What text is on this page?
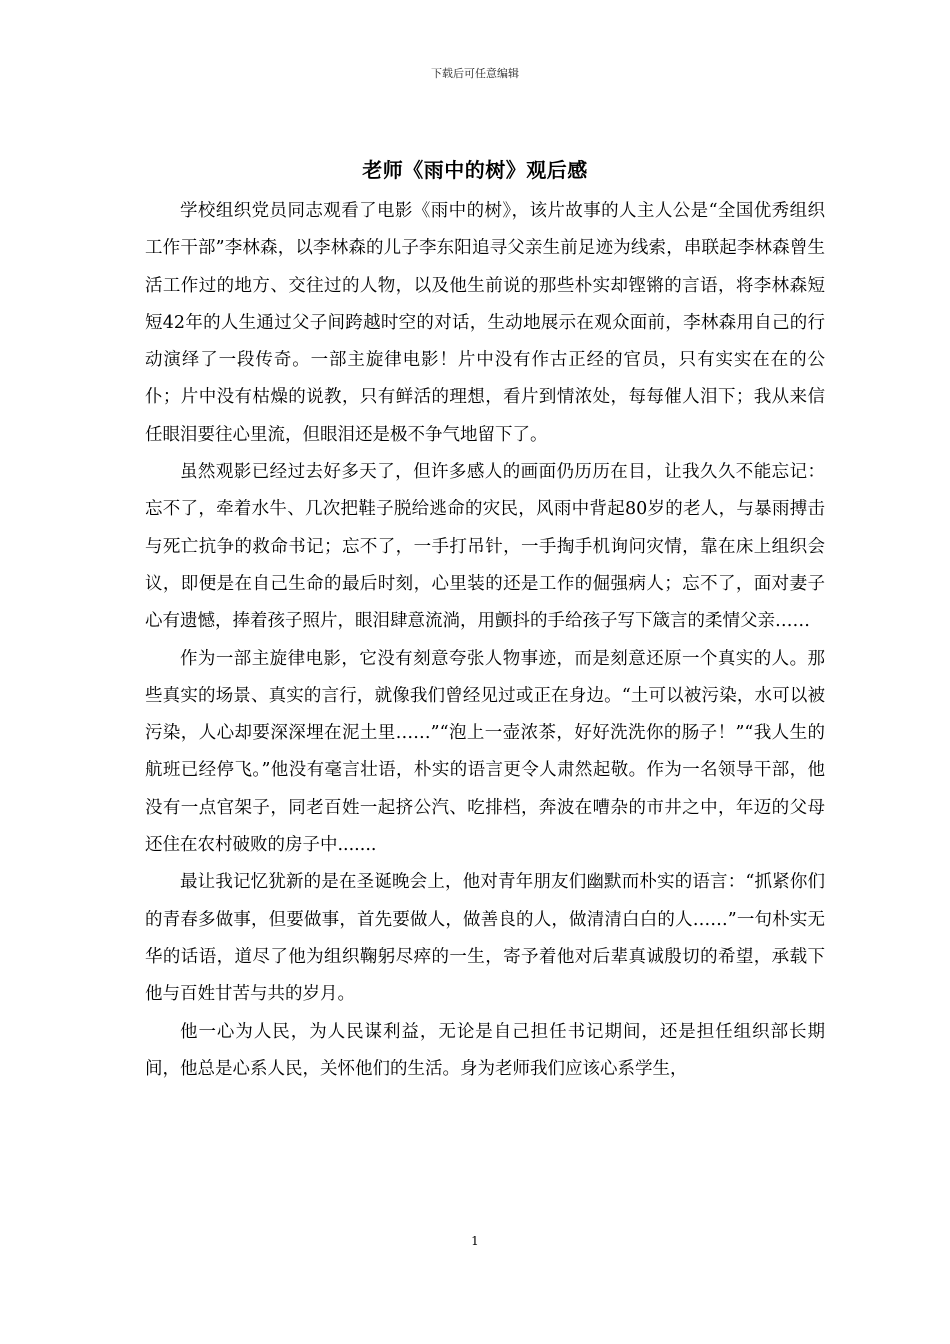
下载后可任意编辑
老师《雨中的树》观后感

学校组织党员同志观看了电影《雨中的树》，该片故事的人主人公是“全国优秀组织工作干部”李林森，以李林森的儿子李东阳追寻父亲生前足迹为线索，串联起李林森曾生活工作过的地方、交往过的人物，以及他生前说的那些朴实却铿锵的言语，将李林森短短42年的人生通过父子间跨越时空的对话，生动地展示在观众面前，李林森用自己的行动演绎了一段传奇。一部主旋律电影！片中没有作古正经的官员，只有实实在在的公仆；片中没有枯燥的说教，只有鲜活的理想，看片到情浓处，每每催人泪下；我从来信任眼泪要往心里流，但眼泪还是极不争气地留下了。

虽然观影已经过去好多天了，但许多感人的画面仍历历在目，让我久久不能忘记：忘不了，牵着水牛、几次把鞋子脱给逃命的灾民，风雨中背起80岁的老人，与暴雨搏击与死亡抗争的救命书记；忘不了，一手打吊针，一手掏手机询问灾情，靠在床上组织会议，即便是在自己生命的最后时刻，心里装的还是工作的倔强病人；忘不了，面对妻子心有遗憾，捧着孩子照片，眼泪肆意流淌，用颤抖的手给孩子写下箴言的柔情父亲……

作为一部主旋律电影，它没有刻意夸张人物事迹，而是刻意还原一个真实的人。那些真实的场景、真实的言行，就像我们曾经见过或正在身边。“土可以被污染，水可以被污染，人心却要深深埋在泥土里……”“泡上一壶浓茶，好好洗洗你的肠子！”“我人生的航班已经停飞。”他没有毫言壮语，朴实的语言更令人肃然起敬。作为一名领导干部，他没有一点官架子，同老百姓一起挤公汽、吃排档，奔波在嘈杂的市井之中，年迈的父母还住在农村破败的房子中.......

最让我记忆犹新的是在圣诞晚会上，他对青年朋友们幽默而朴实的语言：“抓紧你们的青春多做事，但要做事，首先要做人，做善良的人，做清清白白的人……”一句朴实无华的话语，道尽了他为组织鞠躬尽瘁的一生，寄予着他对后辈真诚殷切的希望，承载下他与百姓甘苦与共的岁月。

他一心为人民，为人民谋利益，无论是自己担任书记期间，还是担任组织部长期间，他总是心系人民，关怀他们的生活。身为老师我们应该心系学生，

1
